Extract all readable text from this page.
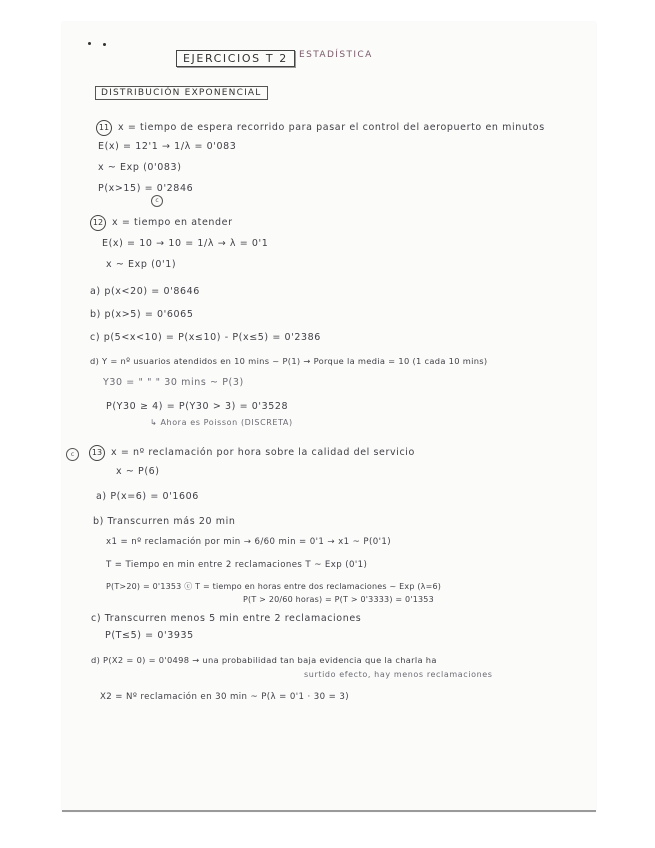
EJERCICIOS T 2	ESTADÍSTICA
DISTRIBUCIÓN EXPONENCIAL
11 x = tiempo de espera recorrido para pasar el control del aeropuerto en minutos
E(x) = 12'1 → 1/λ = 0'083
x ~ Exp (0'083)
P(x>15) = 0'2846
c
12 x = tiempo en atender
E(x) = 10 → 10 = 1/λ → λ = 0'1
x ~ Exp (0'1)
a) p(x<20) = 0'8646
b) p(x>5) = 0'6065
c) p(5<x<10) = P(x≤10) - P(x≤5) = 0'2386
d) Y = nº usuarios atendidos en 10 mins ~ P(1) → Porque la media = 10 (1 cada 10 mins)
Y30 = " " " 30 mins ~ P(3)
P(Y30 ≥ 4) = P(Y30 > 3) = 0'3528
↳ Ahora es Poisson (DISCRETA)
c	13 x = nº reclamación por hora sobre la calidad del servicio
x ~ P(6)
a) P(x=6) = 0'1606
b) Transcurren más 20 min
x1 = nº reclamación por min → 6/60 min = 0'1 → x1 ~ P(0'1)
T = Tiempo en min entre 2 reclamaciones T ~ Exp (0'1)
P(T>20) = 0'1353 ⓒ T = tiempo en horas entre dos reclamaciones ~ Exp (λ=6)
P(T > 20/60 horas) = P(T > 0'3333) = 0'1353
c) Transcurren menos 5 min entre 2 reclamaciones
P(T≤5) = 0'3935
d) P(X2 = 0) = 0'0498 → una probabilidad tan baja evidencia que la charla ha
surtido efecto, hay menos reclamaciones
X2 = Nº reclamación en 30 min ~ P(λ = 0'1 · 30 = 3)
